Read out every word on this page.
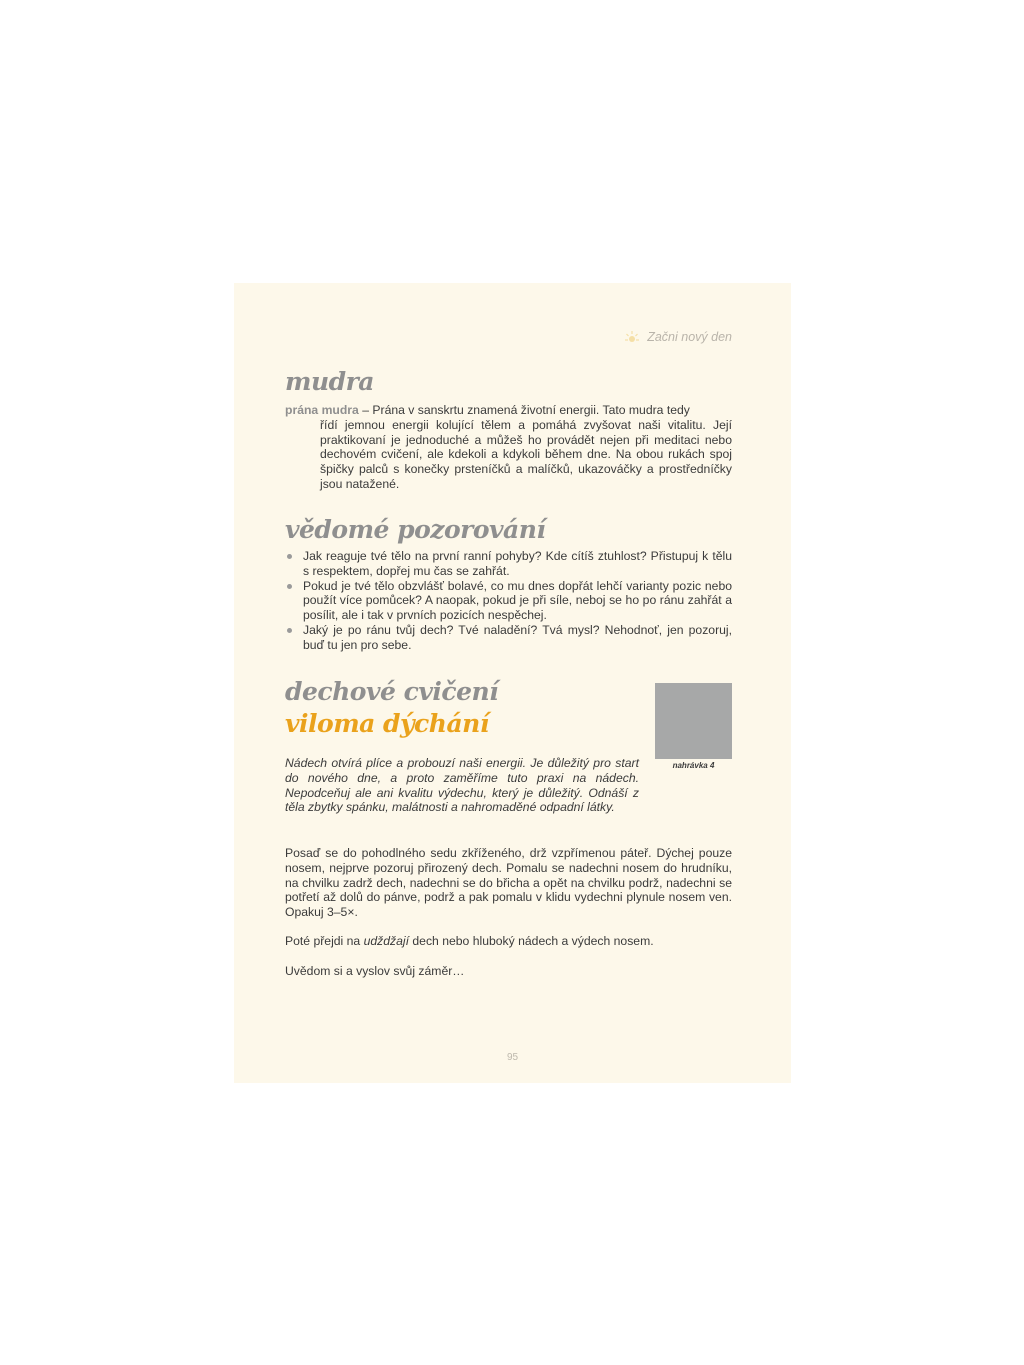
Začni nový den
mudra

prána mudra – Prána v sanskrtu znamená životní energii. Tato mudra tedy
řídí jemnou energii kolující tělem a pomáhá zvyšovat naši vitalitu. Její praktikovaní je jednoduché a můžeš ho provádět nejen při meditaci nebo dechovém cvičení, ale kdekoli a kdykoli během dne. Na obou rukách spoj špičky palců s konečky prsteníčků a malíčků, ukazováčky a prostředníčky jsou natažené.

vědomé pozorování
Jak reaguje tvé tělo na první ranní pohyby? Kde cítíš ztuhlost? Přistupuj k tělu s respektem, dopřej mu čas se zahřát.
Pokud je tvé tělo obzvlášť bolavé, co mu dnes dopřát lehčí varianty pozic nebo použít více pomůcek? A naopak, pokud je při síle, neboj se ho po ránu zahřát a posílit, ale i tak v prvních pozicích nespěchej.
Jaký je po ránu tvůj dech? Tvé naladění? Tvá mysl? Nehodnoť, jen pozoruj, buď tu jen pro sebe.
dechové cvičení
viloma dýchání
nahrávka 4

Nádech otvírá plíce a probouzí naši energii. Je důležitý pro start do nového dne, a proto zaměříme tuto praxi na nádech. Nepodceňuj ale ani kvalitu výdechu, který je důležitý. Odnáší z těla zbytky spánku, malátnosti a nahromaděné odpadní látky.

Posaď se do pohodlného sedu zkříženého, drž vzpřímenou páteř. Dýchej pouze nosem, nejprve pozoruj přirozený dech. Pomalu se nadechni nosem do hrudníku, na chvilku zadrž dech, nadechni se do břicha a opět na chvilku podrž, nadechni se potřetí až dolů do pánve, podrž a pak pomalu v klidu vydechni plynule nosem ven. Opakuj 3–5×.

Poté přejdi na udždžají dech nebo hluboký nádech a výdech nosem.

Uvědom si a vyslov svůj záměr…

95
